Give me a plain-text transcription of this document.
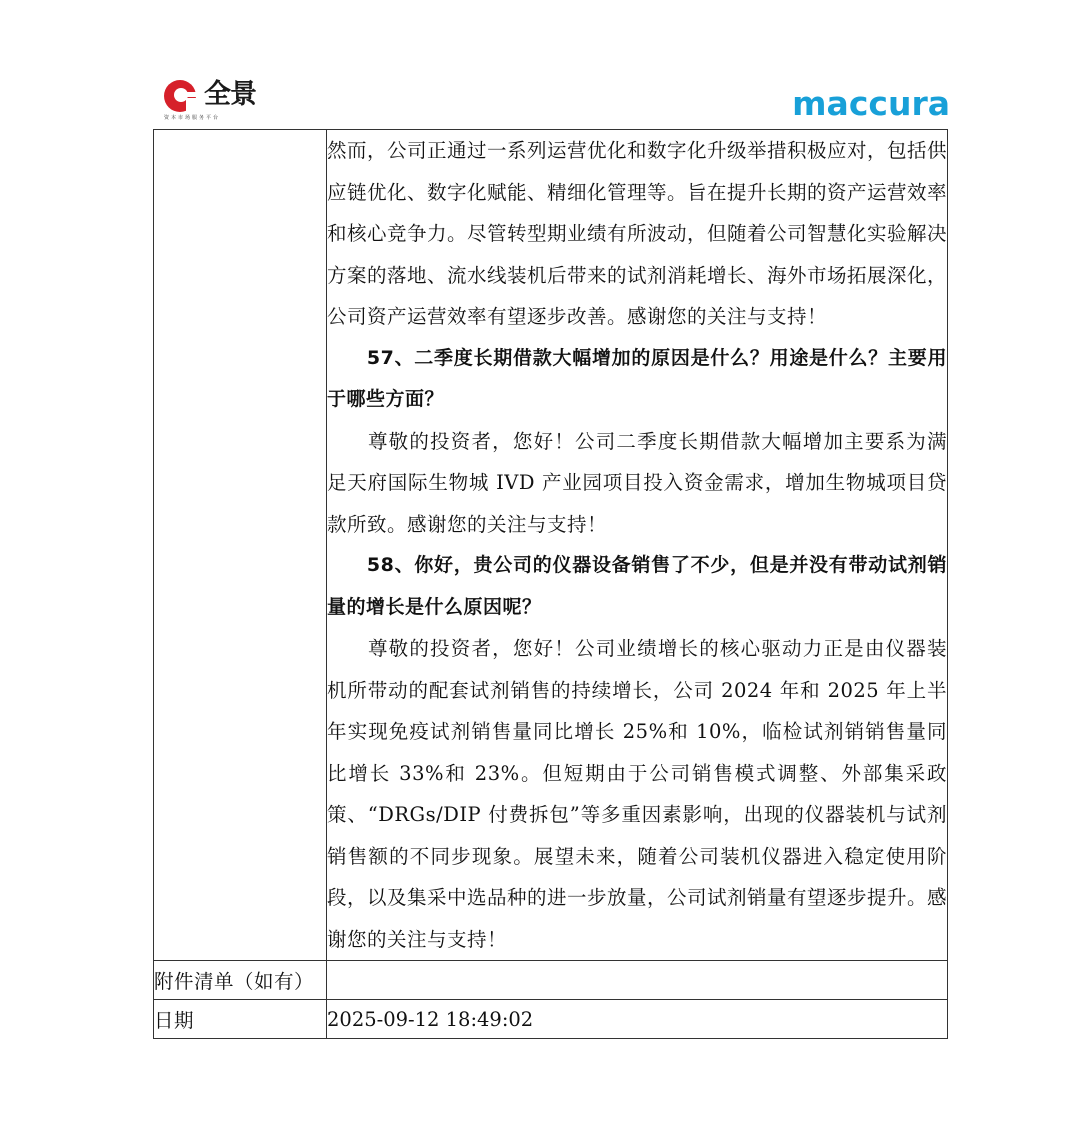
全景
资本市场服务平台	maccura

	然而，公司正通过一系列运营优化和数字化升级举措积极应对，包括供应链优化、数字化赋能、精细化管理等。旨在提升长期的资产运营效率和核心竞争力。尽管转型期业绩有所波动，但随着公司智慧化实验解决方案的落地、流水线装机后带来的试剂消耗增长、海外市场拓展深化，公司资产运营效率有望逐步改善。感谢您的关注与支持！

57、二季度长期借款大幅增加的原因是什么？用途是什么？主要用于哪些方面？

尊敬的投资者，您好！公司二季度长期借款大幅增加主要系为满足天府国际生物城 IVD 产业园项目投入资金需求，增加生物城项目贷款所致。感谢您的关注与支持！

58、你好，贵公司的仪器设备销售了不少，但是并没有带动试剂销量的增长是什么原因呢？

尊敬的投资者，您好！公司业绩增长的核心驱动力正是由仪器装机所带动的配套试剂销售的持续增长，公司 2024 年和 2025 年上半年实现免疫试剂销售量同比增长 25%和 10%，临检试剂销销售量同比增长 33%和 23%。但短期由于公司销售模式调整、外部集采政策、“DRGs/DIP 付费拆包”等多重因素影响，出现的仪器装机与试剂销售额的不同步现象。展望未来，随着公司装机仪器进入稳定使用阶段，以及集采中选品种的进一步放量，公司试剂销量有望逐步提升。感谢您的关注与支持！

附件清单（如有）	
日期	2025-09-12 18:49:02
